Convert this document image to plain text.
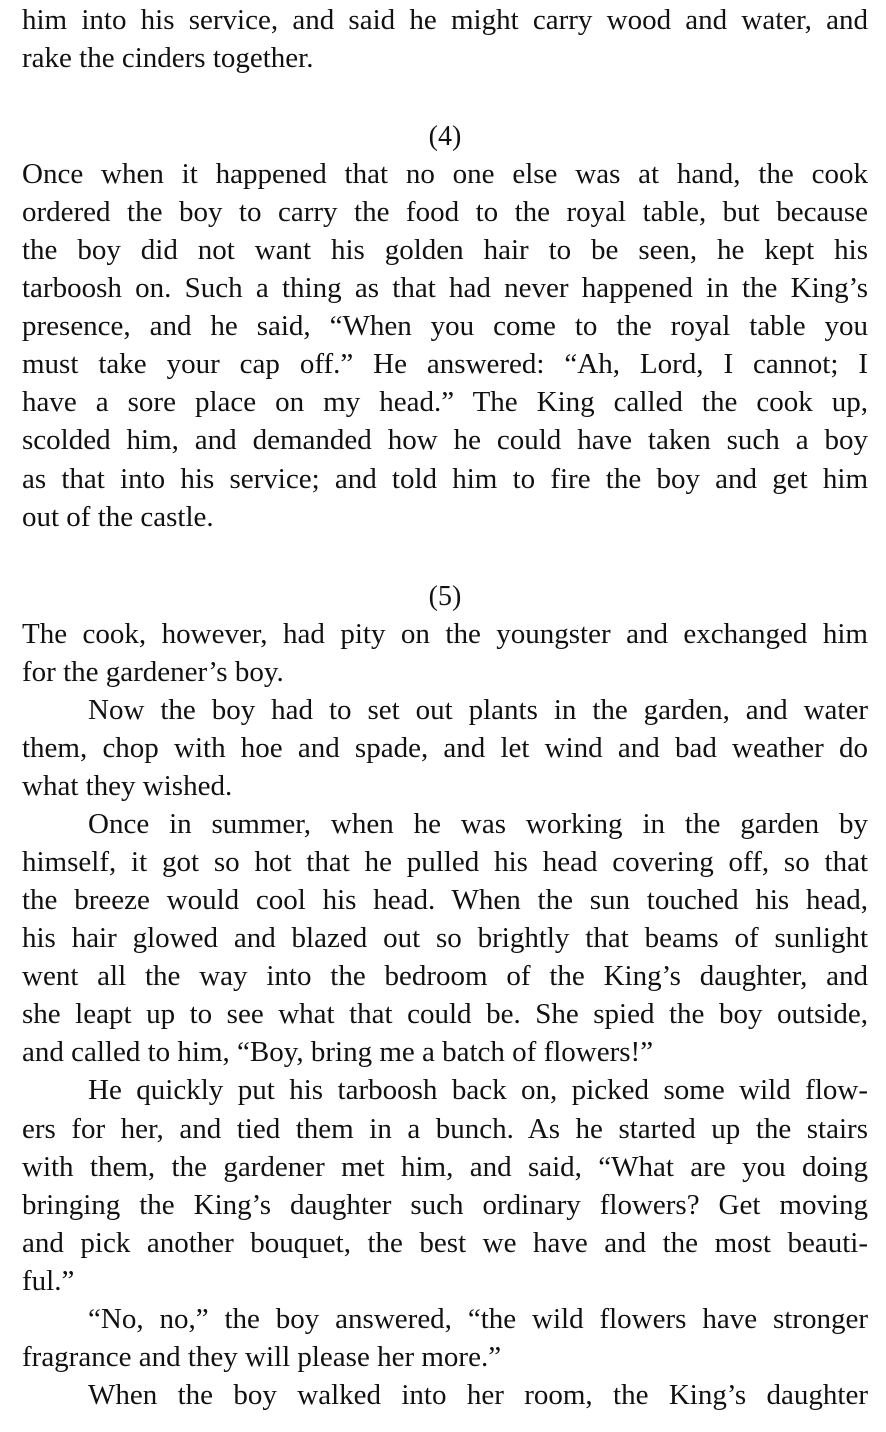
him into his service, and said he might carry wood and water, and
rake the cinders together.
(4)
Once when it happened that no one else was at hand, the cook
ordered the boy to carry the food to the royal table, but because
the boy did not want his golden hair to be seen, he kept his
tarboosh on. Such a thing as that had never happened in the King’s
presence, and he said, “When you come to the royal table you
must take your cap off.” He answered: “Ah, Lord, I cannot; I
have a sore place on my head.” The King called the cook up,
scolded him, and demanded how he could have taken such a boy
as that into his service; and told him to fire the boy and get him
out of the castle.
(5)
The cook, however, had pity on the youngster and exchanged him
for the gardener’s boy.
Now the boy had to set out plants in the garden, and water
them, chop with hoe and spade, and let wind and bad weather do
what they wished.
Once in summer, when he was working in the garden by
himself, it got so hot that he pulled his head covering off, so that
the breeze would cool his head. When the sun touched his head,
his hair glowed and blazed out so brightly that beams of sunlight
went all the way into the bedroom of the King’s daughter, and
she leapt up to see what that could be. She spied the boy outside,
and called to him, “Boy, bring me a batch of flowers!”
He quickly put his tarboosh back on, picked some wild flow-
ers for her, and tied them in a bunch. As he started up the stairs
with them, the gardener met him, and said, “What are you doing
bringing the King’s daughter such ordinary flowers? Get moving
and pick another bouquet, the best we have and the most beauti-
ful.”
“No, no,” the boy answered, “the wild flowers have stronger
fragrance and they will please her more.”
When the boy walked into her room, the King’s daughter
